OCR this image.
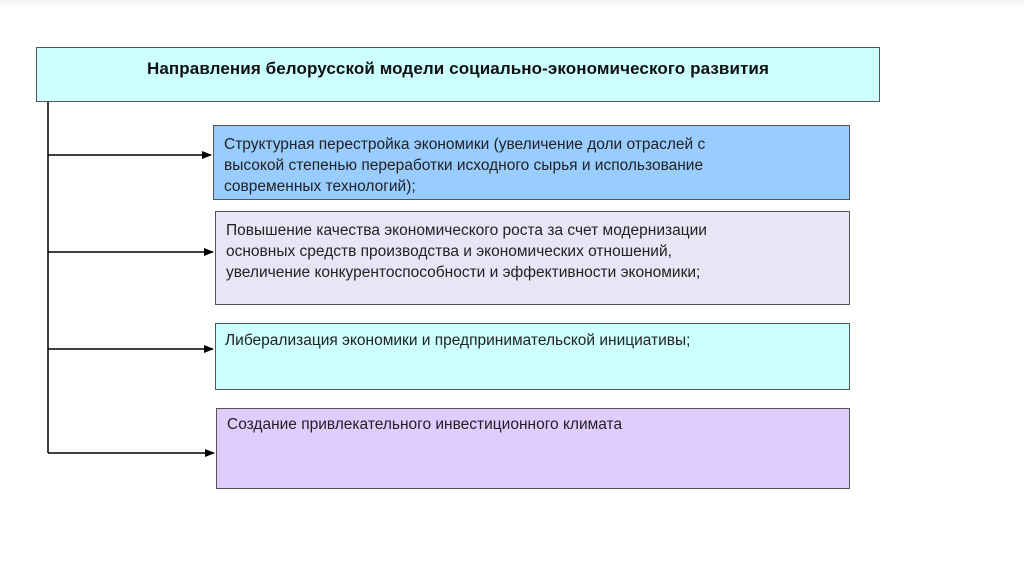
Направления белорусской модели социально-экономического развития
Структурная перестройка экономики (увеличение доли отраслей с
высокой степенью переработки исходного сырья и использование
современных технологий);
Повышение качества экономического роста за счет модернизации
основных средств производства и экономических отношений,
увеличение конкурентоспособности и эффективности экономики;
Либерализация экономики и предпринимательской инициативы;
Создание привлекательного инвестиционного климата
